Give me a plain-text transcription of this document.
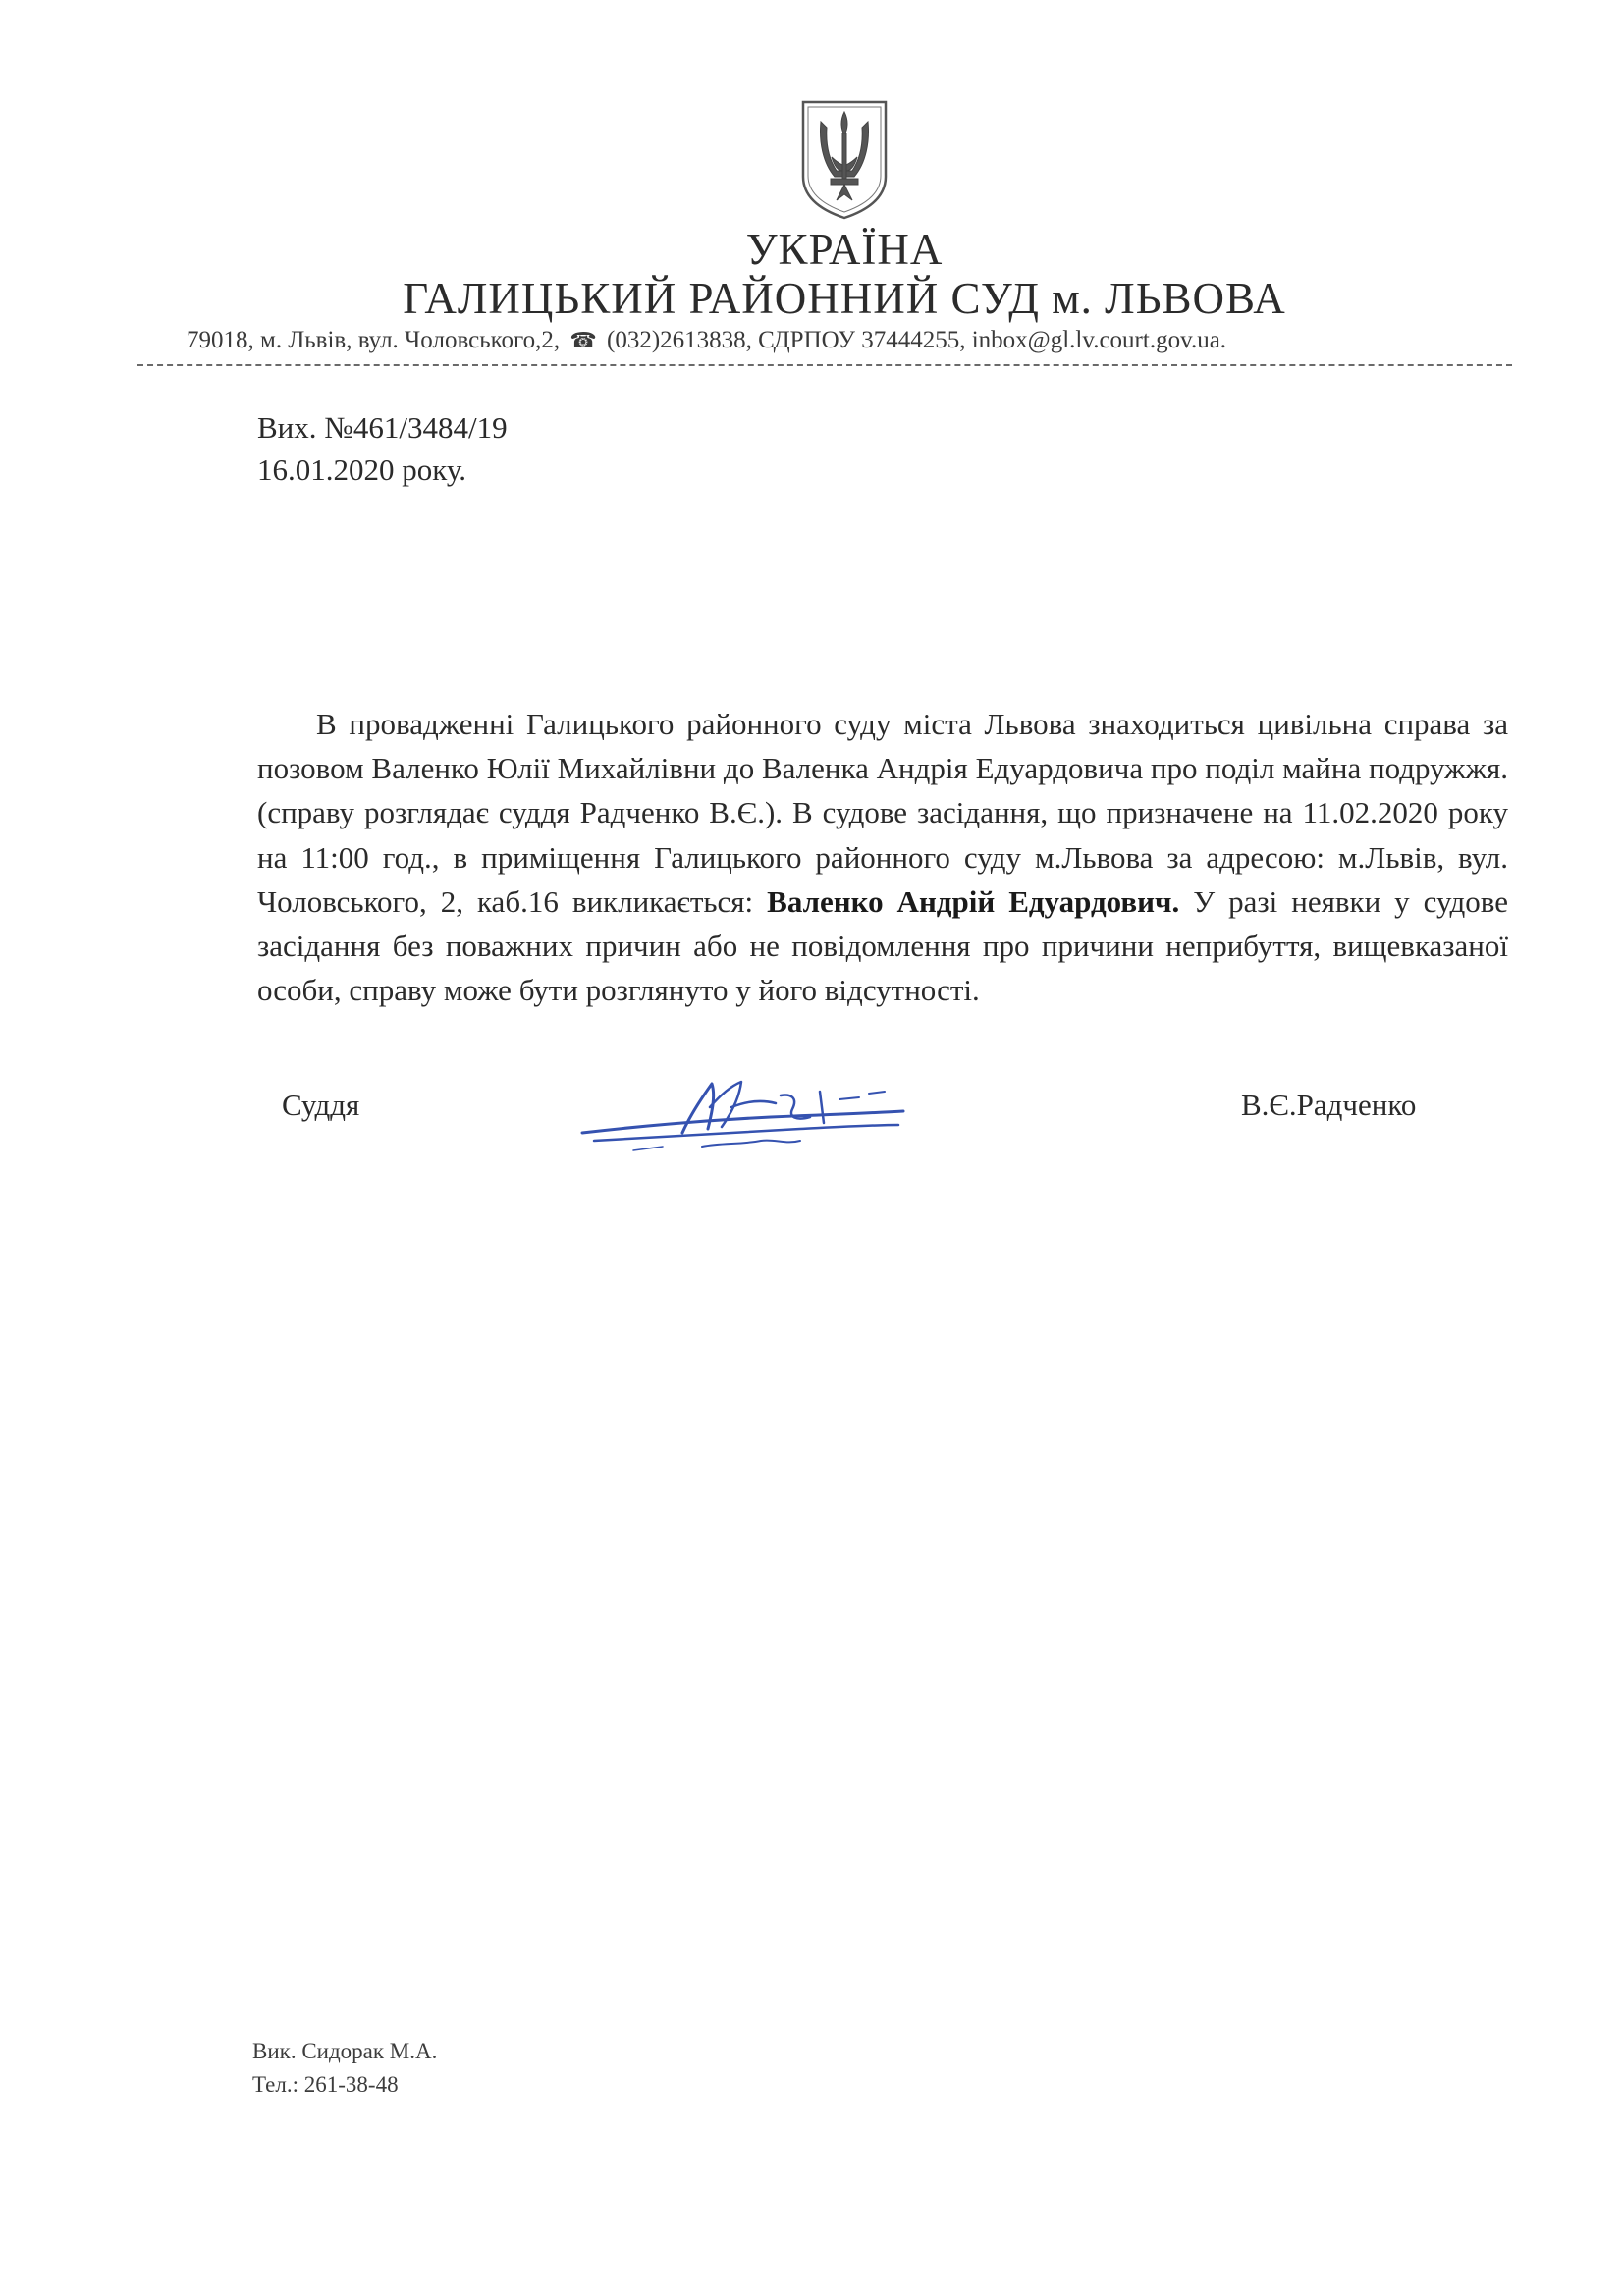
УКРАЇНА
ГАЛИЦЬКИЙ РАЙОННИЙ СУД м. ЛЬВОВА
79018, м. Львів, вул. Чоловського,2, ☎ (032)2613838, СДРПОУ 37444255, inbox@gl.lv.court.gov.ua.
Вих. №461/3484/19
16.01.2020 року.
В провадженні Галицького районного суду міста Львова знаходиться цивільна справа за позовом Валенко Юлії Михайлівни до Валенка Андрія Едуардовича про поділ майна подружжя. (справу розглядає суддя Радченко В.Є.). В судове засідання, що призначене на 11.02.2020 року на 11:00 год., в приміщення Галицького районного суду м.Львова за адресою: м.Львів, вул. Чоловського, 2, каб.16 викликається: Валенко Андрій Едуардович. У разі неявки у судове засідання без поважних причин або не повідомлення про причини неприбуття, вищевказаної особи, справу може бути розглянуто у його відсутності.
Суддя	В.Є.Радченко
Вик. Сидорак М.А.
Тел.: 261-38-48
